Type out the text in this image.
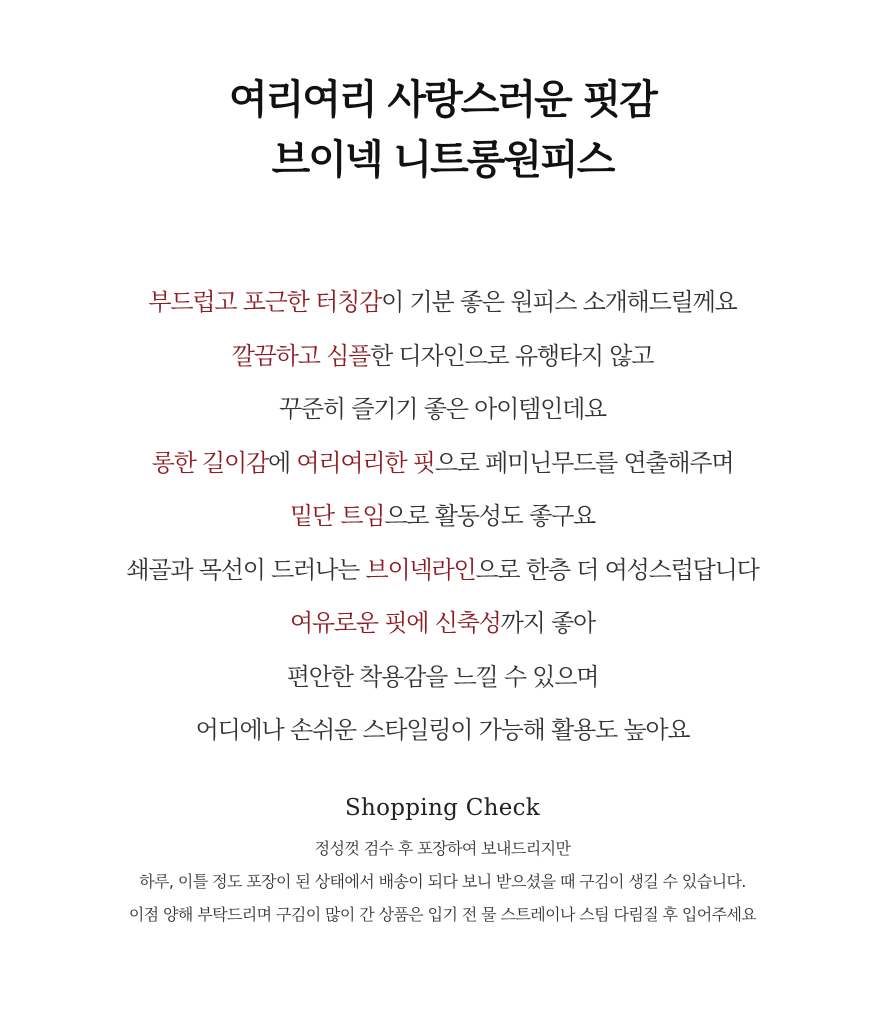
여리여리 사랑스러운 핏감
브이넥 니트롱원피스
부드럽고 포근한 터칭감이 기분 좋은 원피스 소개해드릴께요
깔끔하고 심플한 디자인으로 유행타지 않고
꾸준히 즐기기 좋은 아이템인데요
롱한 길이감에 여리여리한 핏으로 페미닌무드를 연출해주며
밑단 트임으로 활동성도 좋구요
쇄골과 목선이 드러나는 브이넥라인으로 한층 더 여성스럽답니다
여유로운 핏에 신축성까지 좋아
편안한 착용감을 느낄 수 있으며
어디에나 손쉬운 스타일링이 가능해 활용도 높아요
Shopping Check
정성껏 검수 후 포장하여 보내드리지만
하루, 이틀 정도 포장이 된 상태에서 배송이 되다 보니 받으셨을 때 구김이 생길 수 있습니다.
이점 양해 부탁드리며 구김이 많이 간 상품은 입기 전 물 스트레이나 스팀 다림질 후 입어주세요
